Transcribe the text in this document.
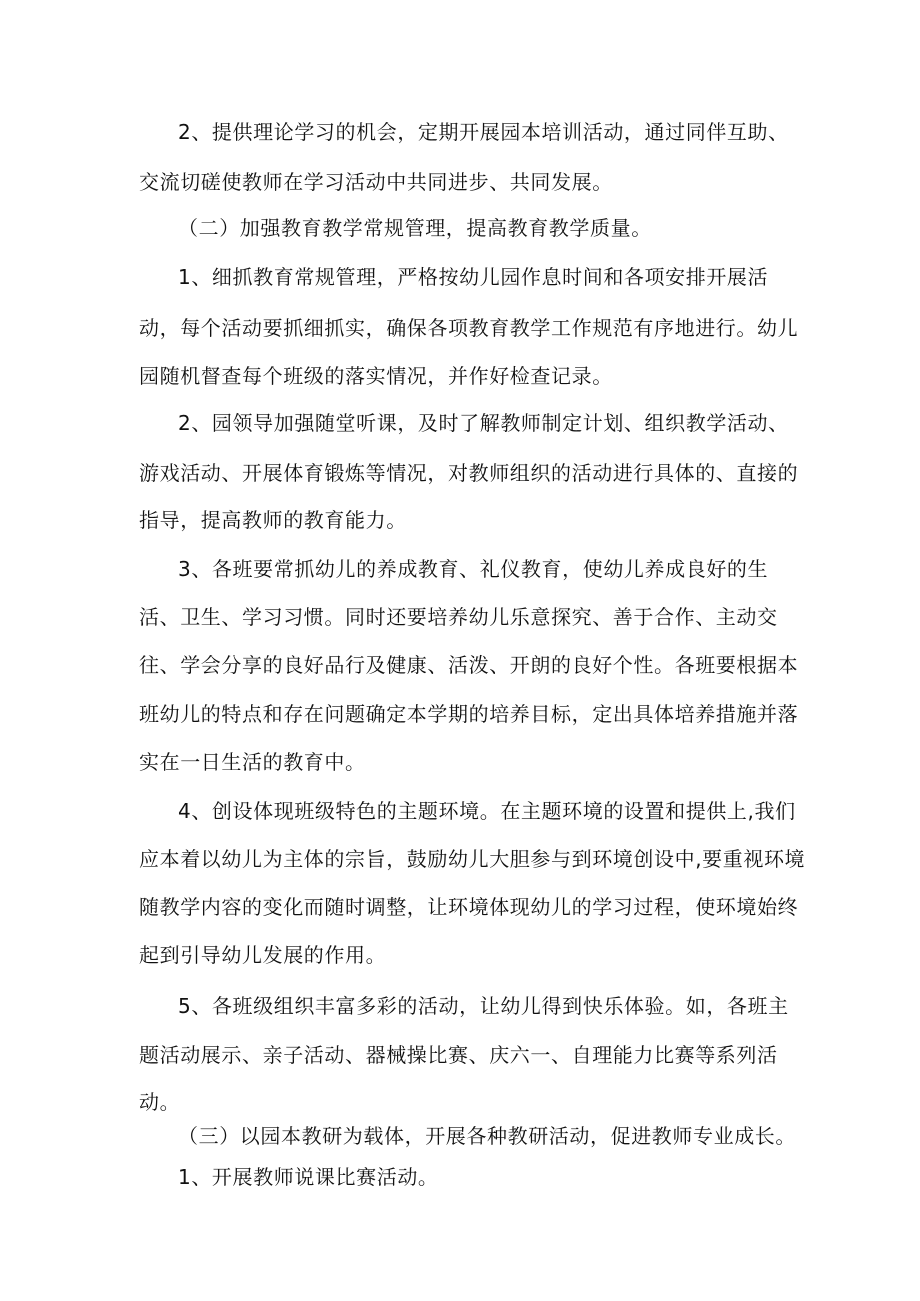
2、提供理论学习的机会，定期开展园本培训活动，通过同伴互助、
交流切磋使教师在学习活动中共同进步、共同发展。
（二）加强教育教学常规管理，提高教育教学质量。
1、细抓教育常规管理，严格按幼儿园作息时间和各项安排开展活
动，每个活动要抓细抓实，确保各项教育教学工作规范有序地进行。幼儿
园随机督查每个班级的落实情况，并作好检查记录。
2、园领导加强随堂听课，及时了解教师制定计划、组织教学活动、
游戏活动、开展体育锻炼等情况，对教师组织的活动进行具体的、直接的
指导，提高教师的教育能力。
3、各班要常抓幼儿的养成教育、礼仪教育，使幼儿养成良好的生
活、卫生、学习习惯。同时还要培养幼儿乐意探究、善于合作、主动交
往、学会分享的良好品行及健康、活泼、开朗的良好个性。各班要根据本
班幼儿的特点和存在问题确定本学期的培养目标，定出具体培养措施并落
实在一日生活的教育中。
4、创设体现班级特色的主题环境。在主题环境的设置和提供上,我们
应本着以幼儿为主体的宗旨，鼓励幼儿大胆参与到环境创设中,要重视环境
随教学内容的变化而随时调整，让环境体现幼儿的学习过程，使环境始终
起到引导幼儿发展的作用。
5、各班级组织丰富多彩的活动，让幼儿得到快乐体验。如，各班主
题活动展示、亲子活动、器械操比赛、庆六一、自理能力比赛等系列活
动。
（三）以园本教研为载体，开展各种教研活动，促进教师专业成长。
1、开展教师说课比赛活动。
